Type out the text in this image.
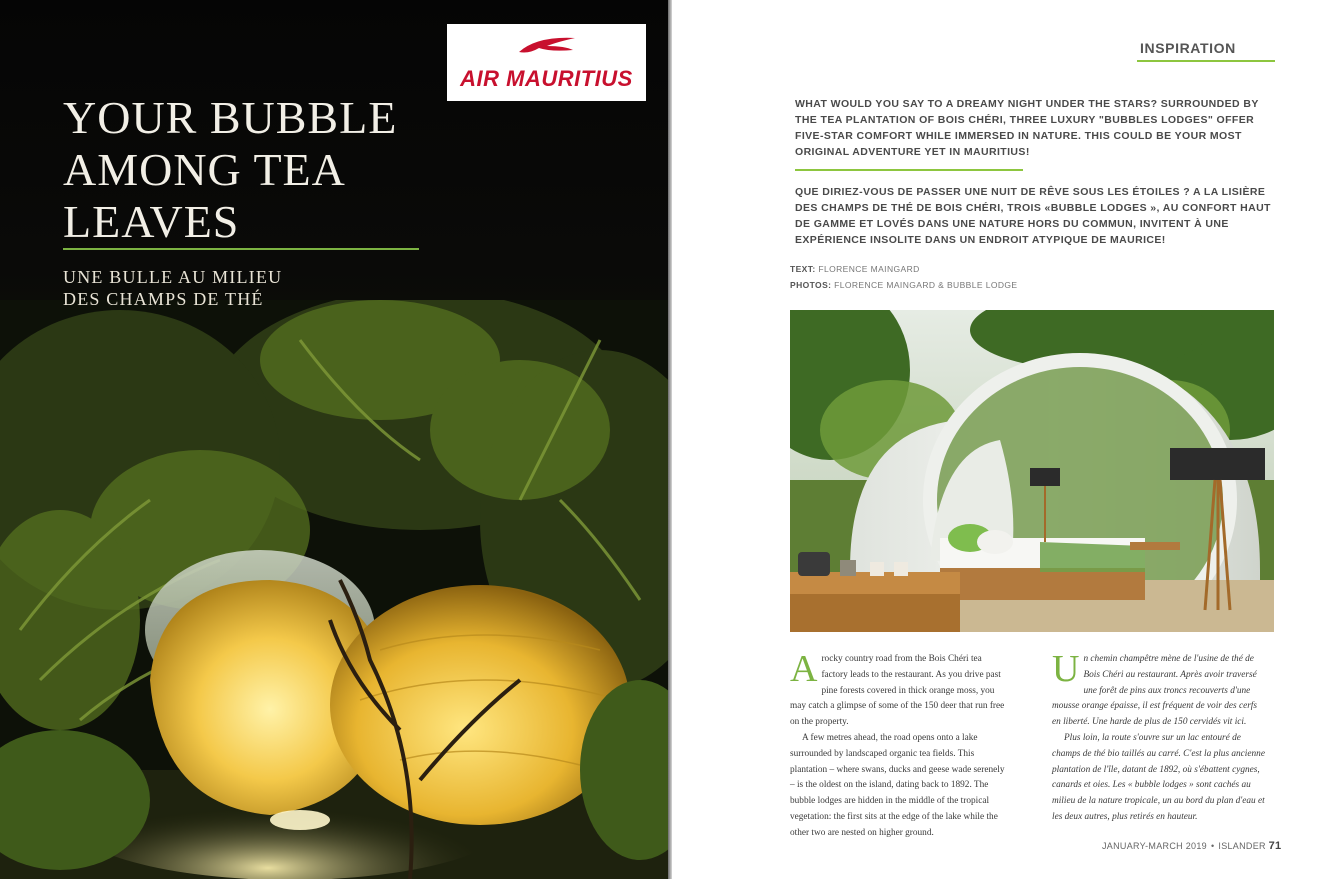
YOUR BUBBLE AMONG TEA LEAVES
UNE BULLE AU MILIEU DES CHAMPS DE THÉ
AIR MAURITIUS
INSPIRATION

WHAT WOULD YOU SAY TO A DREAMY NIGHT UNDER THE STARS? SURROUNDED BY THE TEA PLANTATION OF BOIS CHÉRI, THREE LUXURY "BUBBLES LODGES" OFFER FIVE-STAR COMFORT WHILE IMMERSED IN NATURE. THIS COULD BE YOUR MOST ORIGINAL ADVENTURE YET IN MAURITIUS!

QUE DIRIEZ-VOUS DE PASSER UNE NUIT DE RÊVE SOUS LES ÉTOILES ? A LA LISIÈRE DES CHAMPS DE THÉ DE BOIS CHÉRI, TROIS «BUBBLE LODGES », AU CONFORT HAUT DE GAMME ET LOVÉS DANS UNE NATURE HORS DU COMMUN, INVITENT À UNE EXPÉRIENCE INSOLITE DANS UN ENDROIT ATYPIQUE DE MAURICE!

TEXT: FLORENCE MAINGARD
PHOTOS: FLORENCE MAINGARD & BUBBLE LODGE

Arocky country road from the Bois Chéri tea factory leads to the restaurant. As you drive past pine forests covered in thick orange moss, you may catch a glimpse of some of the 150 deer that run free on the property.

A few metres ahead, the road opens onto a lake surrounded by landscaped organic tea fields. This plantation – where swans, ducks and geese wade serenely – is the oldest on the island, dating back to 1892. The bubble lodges are hidden in the middle of the tropical vegetation: the first sits at the edge of the lake while the other two are nested on higher ground.

Un chemin champêtre mène de l'usine de thé de Bois Chéri au restaurant. Après avoir traversé une forêt de pins aux troncs recouverts d'une mousse orange épaisse, il est fréquent de voir des cerfs en liberté. Une harde de plus de 150 cervidés vit ici.

Plus loin, la route s'ouvre sur un lac entouré de champs de thé bio taillés au carré. C'est la plus ancienne plantation de l'île, datant de 1892, où s'ébattent cygnes, canards et oies. Les « bubble lodges » sont cachés au milieu de la nature tropicale, un au bord du plan d'eau et les deux autres, plus retirés en hauteur.

JANUARY-MARCH 2019 • ISLANDER 71
